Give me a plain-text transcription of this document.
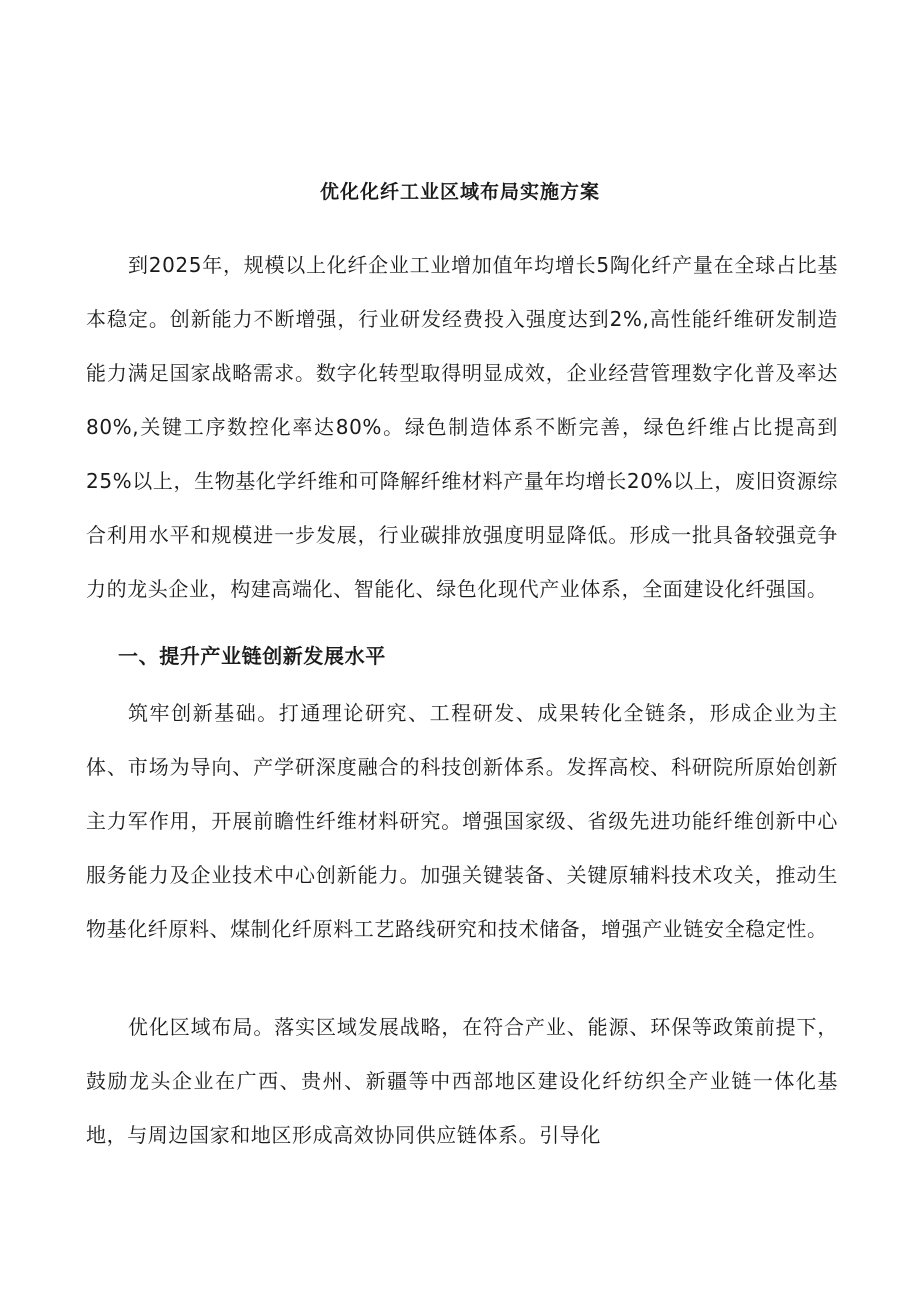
优化化纤工业区域布局实施方案

到2025年，规模以上化纤企业工业增加值年均增长5陶化纤产量在全球占比基本稳定。创新能力不断增强，行业研发经费投入强度达到2%,高性能纤维研发制造能力满足国家战略需求。数字化转型取得明显成效，企业经营管理数字化普及率达80%,关键工序数控化率达80%。绿色制造体系不断完善，绿色纤维占比提高到25%以上，生物基化学纤维和可降解纤维材料产量年均增长20%以上，废旧资源综合利用水平和规模进一步发展，行业碳排放强度明显降低。形成一批具备较强竞争力的龙头企业，构建高端化、智能化、绿色化现代产业体系，全面建设化纤强国。

一、提升产业链创新发展水平

筑牢创新基础。打通理论研究、工程研发、成果转化全链条，形成企业为主体、市场为导向、产学研深度融合的科技创新体系。发挥高校、科研院所原始创新主力军作用，开展前瞻性纤维材料研究。增强国家级、省级先进功能纤维创新中心服务能力及企业技术中心创新能力。加强关键装备、关键原辅料技术攻关，推动生物基化纤原料、煤制化纤原料工艺路线研究和技术储备，增强产业链安全稳定性。

优化区域布局。落实区域发展战略，在符合产业、能源、环保等政策前提下，鼓励龙头企业在广西、贵州、新疆等中西部地区建设化纤纺织全产业链一体化基地，与周边国家和地区形成高效协同供应链体系。引导化
